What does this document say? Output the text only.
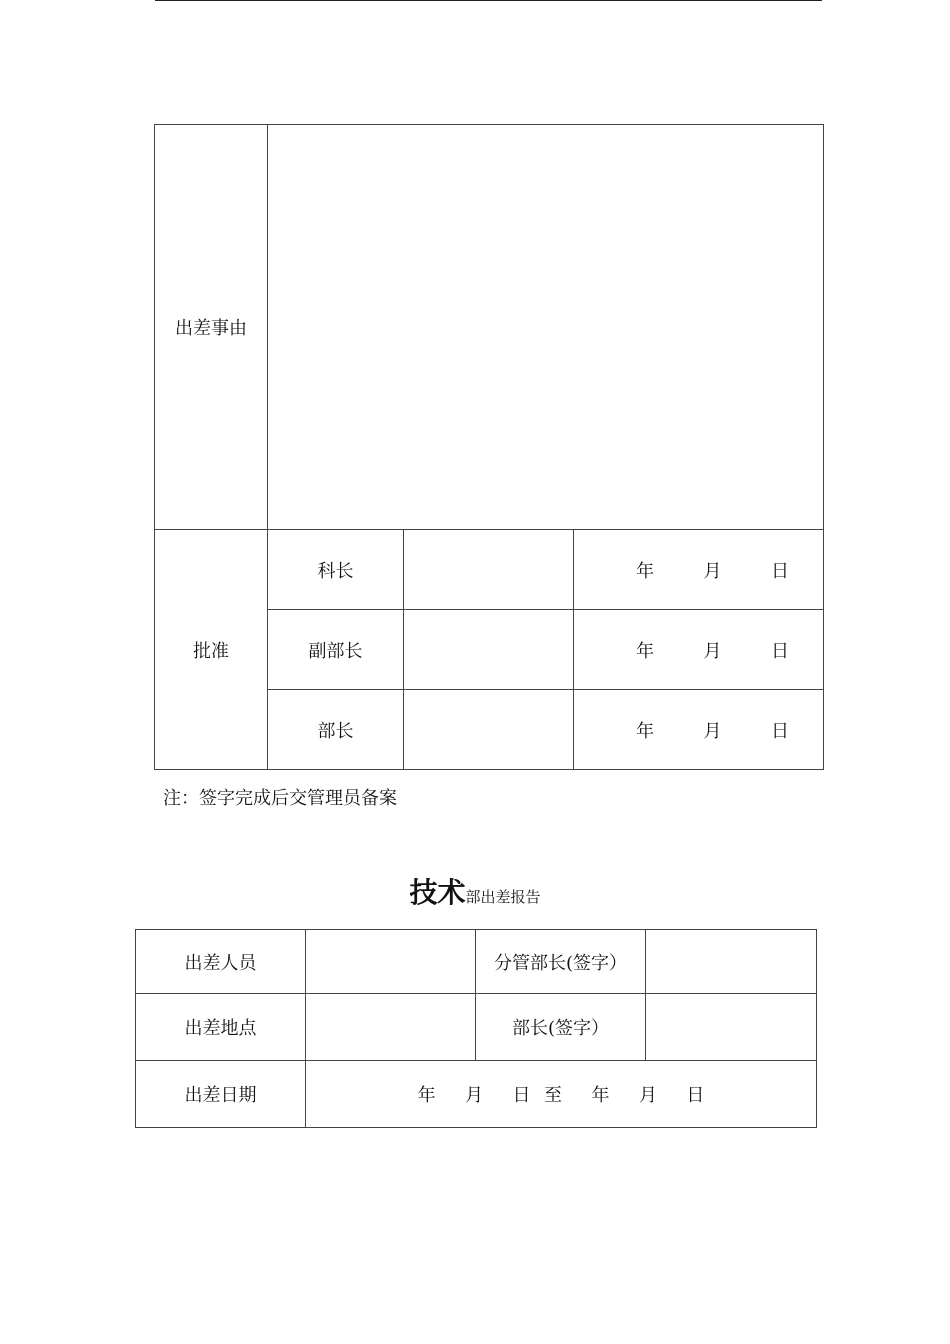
出差事由			
批准	科长		年 月 日
	副部长		年 月 日
	部长		年 月 日
注：签字完成后交管理员备案
技术部出差报告
出差人员		分管部长(签字）	
出差地点		部长(签字）	
出差日期	年 月 日 至 年 月 日		
